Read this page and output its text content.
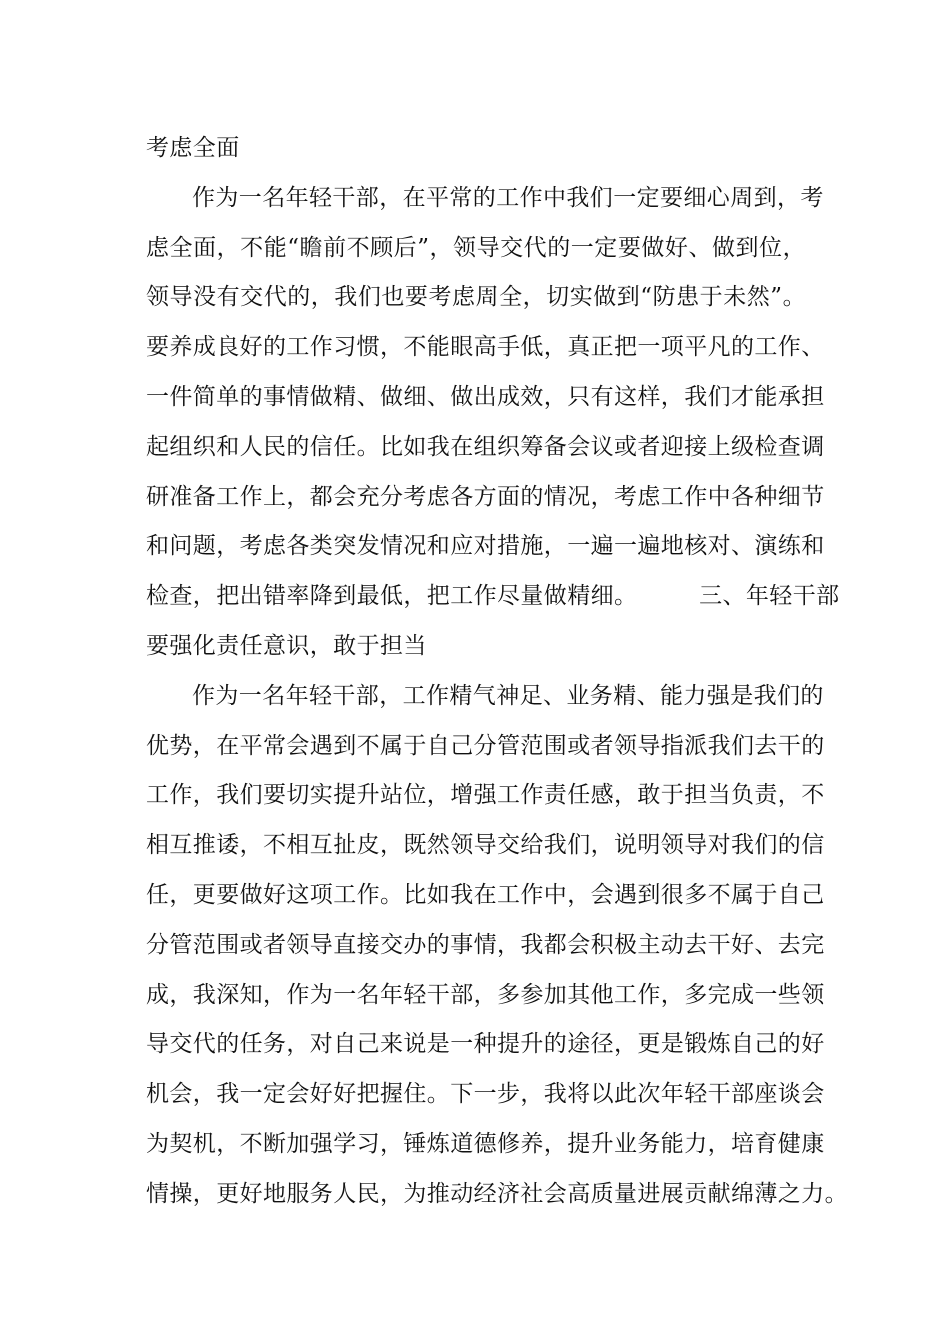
考虑全面
作为一名年轻干部，在平常的工作中我们一定要细心周到，考
虑全面，不能“瞻前不顾后”，领导交代的一定要做好、做到位，
领导没有交代的，我们也要考虑周全，切实做到“防患于未然”。
要养成良好的工作习惯，不能眼高手低，真正把一项平凡的工作、
一件简单的事情做精、做细、做出成效，只有这样，我们才能承担
起组织和人民的信任。比如我在组织筹备会议或者迎接上级检查调
研准备工作上，都会充分考虑各方面的情况，考虑工作中各种细节
和问题，考虑各类突发情况和应对措施，一遍一遍地核对、演练和
检查，把出错率降到最低，把工作尽量做精细。        三、年轻干部
要强化责任意识，敢于担当
作为一名年轻干部，工作精气神足、业务精、能力强是我们的
优势，在平常会遇到不属于自己分管范围或者领导指派我们去干的
工作，我们要切实提升站位，增强工作责任感，敢于担当负责，不
相互推诿，不相互扯皮，既然领导交给我们，说明领导对我们的信
任，更要做好这项工作。比如我在工作中，会遇到很多不属于自己
分管范围或者领导直接交办的事情，我都会积极主动去干好、去完
成，我深知，作为一名年轻干部，多参加其他工作，多完成一些领
导交代的任务，对自己来说是一种提升的途径，更是锻炼自己的好
机会，我一定会好好把握住。下一步，我将以此次年轻干部座谈会
为契机，不断加强学习，锤炼道德修养，提升业务能力，培育健康
情操，更好地服务人民，为推动经济社会高质量进展贡献绵薄之力。
